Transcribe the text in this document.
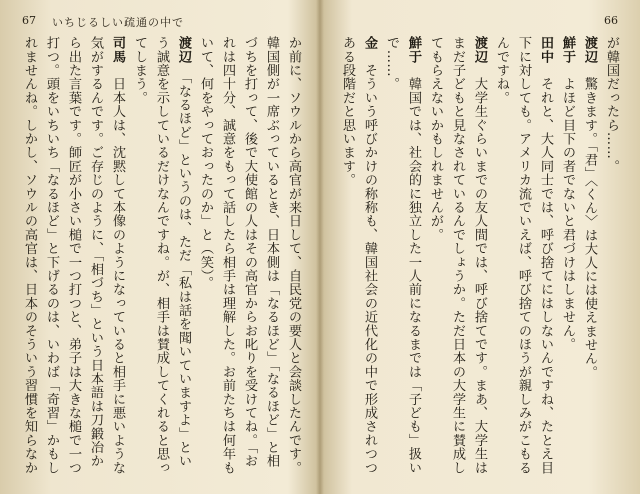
67 いちじるしい疏通の中で

か前に、ソウルから高官が来日して、自民党の要人と会談したんです。韓国側が一席ぶっているとき、日本側は「なるほど」「なるほど」と相づちを打って、後で大使館の人はその高官からお叱りを受けてね。「おれは四十分、誠意をもって話したら相手は理解した。お前たちは何年もいて、何をやっておったのか」と（笑）。

渡辺「なるほど」というのは、ただ「私は話を聞いていますよ」という誠意を示しているだけなんですね。が、相手は賛成してくれると思ってしまう。

司馬日本人は、沈黙して本像のようになっていると相手に悪いような気がするんです。ご存じのように、「相づち」という日本語は刀鍛冶から出た言葉です。師匠が小さい槌で一つ打つと、弟子は大きな槌で一つ打つ。頭をいちいち「なるほど」と下げるのは、いわば「奇習」かもしれませんね。しかし、ソウルの高官は、日本のそういう習慣を知らなか

66

が韓国だったら……。

渡辺驚きます。「君」〈くん〉は大人には使えません。

鮮于よほど目下の者でないと君づけはしません。

田中それと、大人同士では、呼び捨てにはしないんですね、たとえ目下に対しても。アメリカ流でいえば、呼び捨てのほうが親しみがこもるんですね。

渡辺大学生ぐらいまでの友人間では、呼び捨てです。まあ、大学生はまだ子どもと見なされているんでしょうか。ただ日本の大学生に賛成してもらえないかもしれませんが。

鮮于韓国では、社会的に独立した一人前になるまでは「子ども」扱いで……。

金そういう呼びかけの称称も、韓国社会の近代化の中で形成されつつある段階だと思います。
